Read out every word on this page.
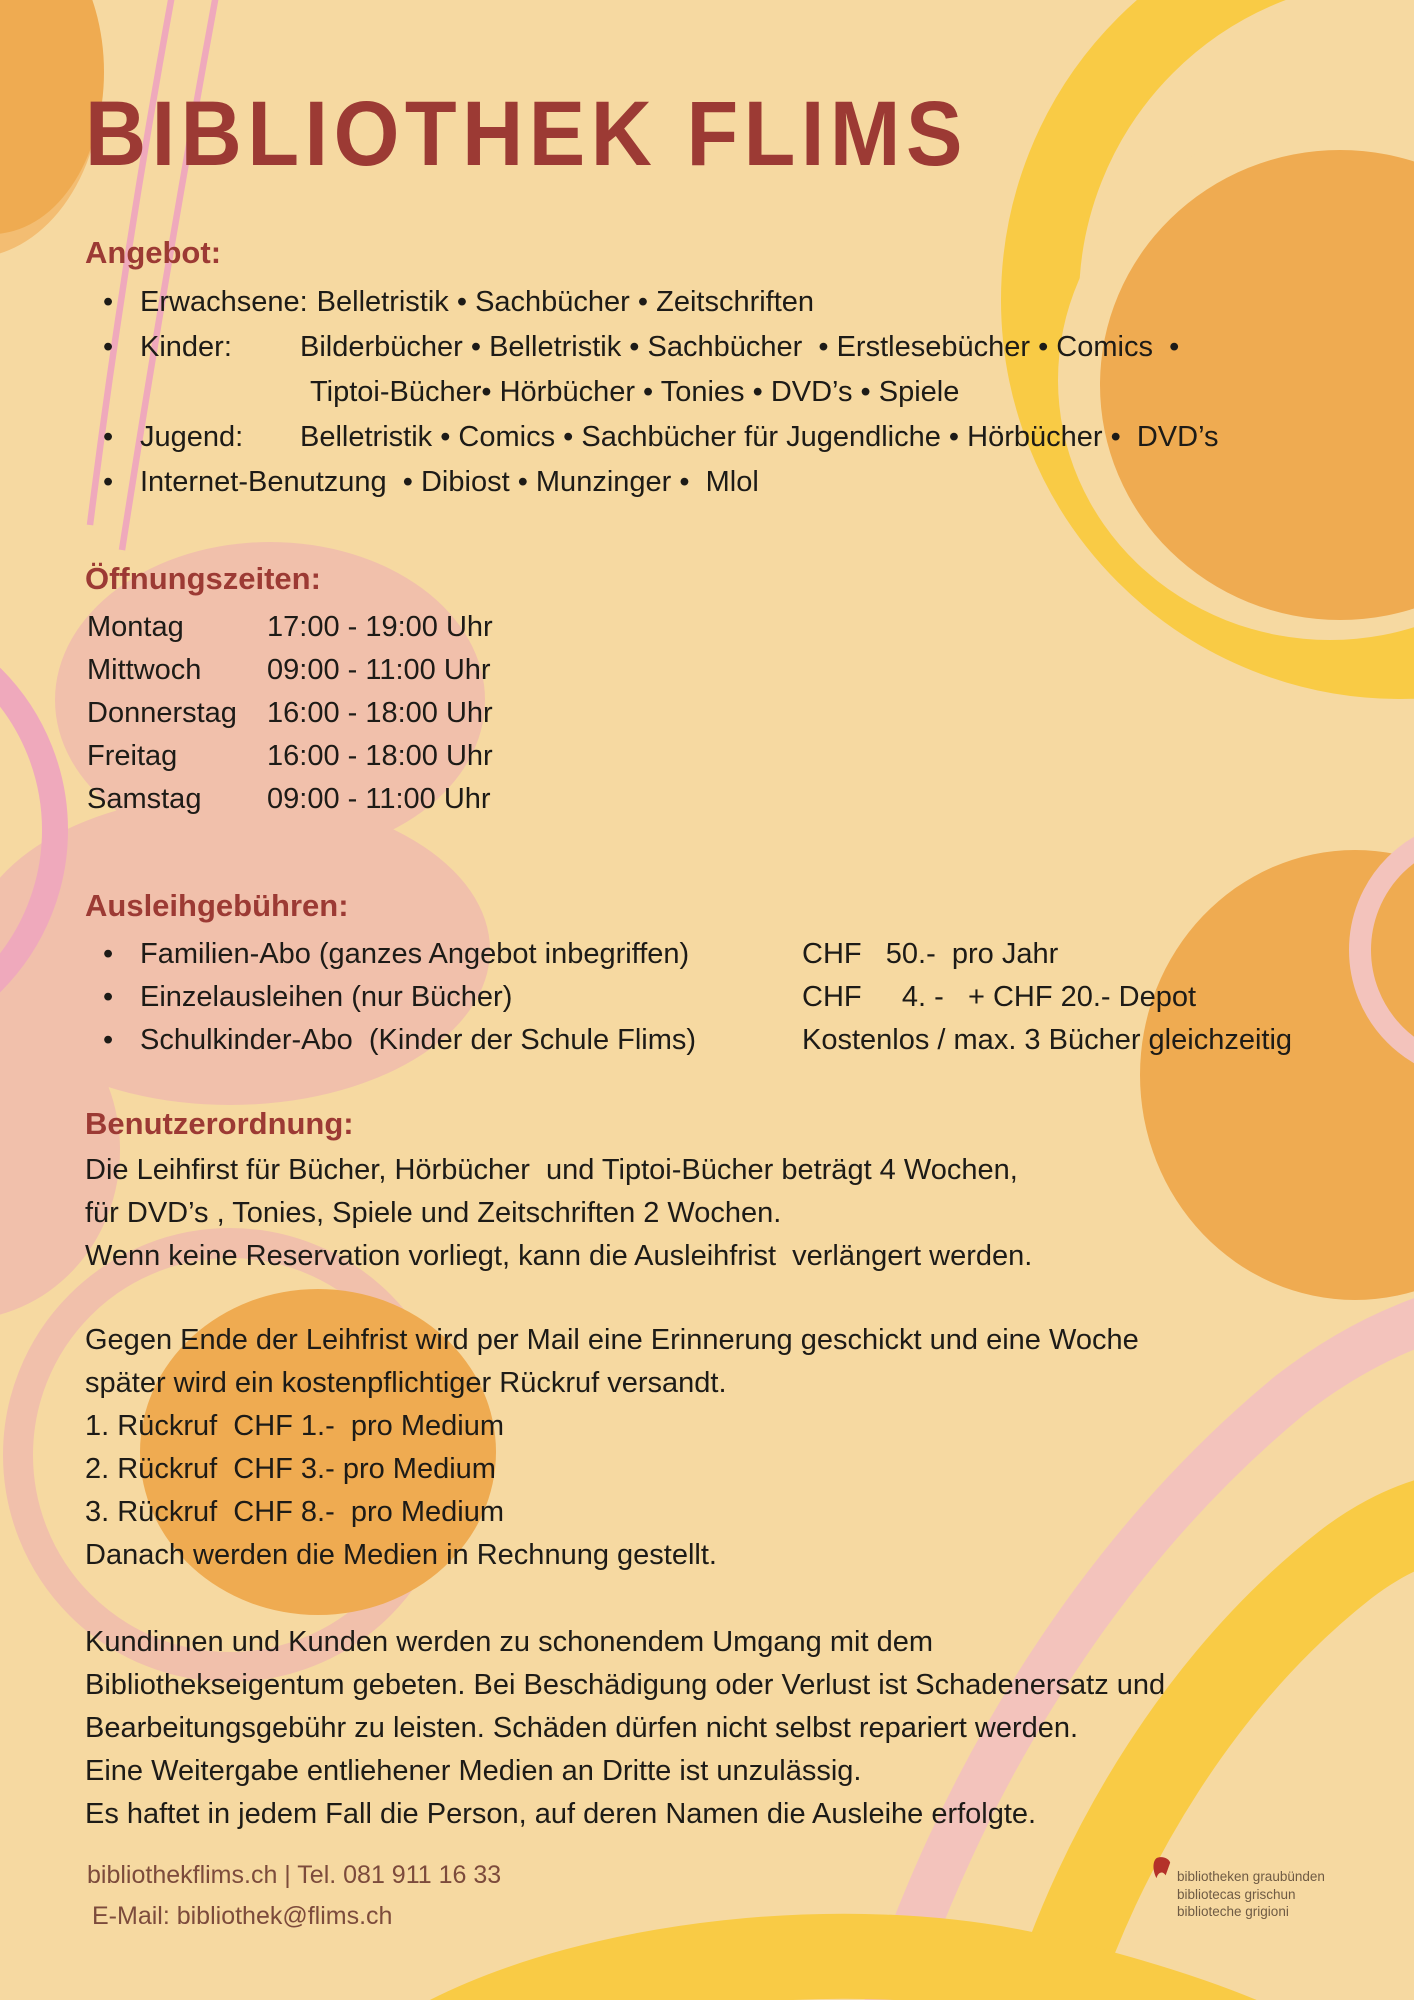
BIBLIOTHEK FLIMS
Angebot:
•
Erwachsene: Belletristik • Sachbücher • Zeitschriften
•
Kinder:	Bilderbücher • Belletristik • Sachbücher  • Erstlesebücher • Comics  •
Tiptoi-Bücher• Hörbücher • Tonies • DVD’s • Spiele
•
Jugend:	Belletristik • Comics • Sachbücher für Jugendliche • Hörbücher •  DVD’s
•
Internet-Benutzung  • Dibiost • Munzinger •  Mlol
Öffnungszeiten:
Montag	17:00 - 19:00 Uhr
Mittwoch	09:00 - 11:00 Uhr
Donnerstag	16:00 - 18:00 Uhr
Freitag	16:00 - 18:00 Uhr
Samstag	09:00 - 11:00 Uhr
Ausleihgebühren:
•
Familien-Abo (ganzes Angebot inbegriffen)	CHF   50.-  pro Jahr
•
Einzelausleihen (nur Bücher)	CHF     4. -   + CHF 20.- Depot
•
Schulkinder-Abo  (Kinder der Schule Flims)	Kostenlos / max. 3 Bücher gleichzeitig
Benutzerordnung:
Die Leihfirst für Bücher, Hörbücher  und Tiptoi-Bücher beträgt 4 Wochen,
für DVD’s , Tonies, Spiele und Zeitschriften 2 Wochen.
Wenn keine Reservation vorliegt, kann die Ausleihfrist  verlängert werden.
Gegen Ende der Leihfrist wird per Mail eine Erinnerung geschickt und eine Woche
später wird ein kostenpflichtiger Rückruf versandt.
1. Rückruf  CHF 1.-  pro Medium
2. Rückruf  CHF 3.- pro Medium
3. Rückruf  CHF 8.-  pro Medium
Danach werden die Medien in Rechnung gestellt.
Kundinnen und Kunden werden zu schonendem Umgang mit dem
Bibliothekseigentum gebeten. Bei Beschädigung oder Verlust ist Schadenersatz und
Bearbeitungsgebühr zu leisten. Schäden dürfen nicht selbst repariert werden.
Eine Weitergabe entliehener Medien an Dritte ist unzulässig.
Es haftet in jedem Fall die Person, auf deren Namen die Ausleihe erfolgte.
bibliothekflims.ch | Tel. 081 911 16 33
E-Mail: bibliothek@flims.ch
bibliotheken graubünden
bibliotecas grischun
biblioteche grigioni
